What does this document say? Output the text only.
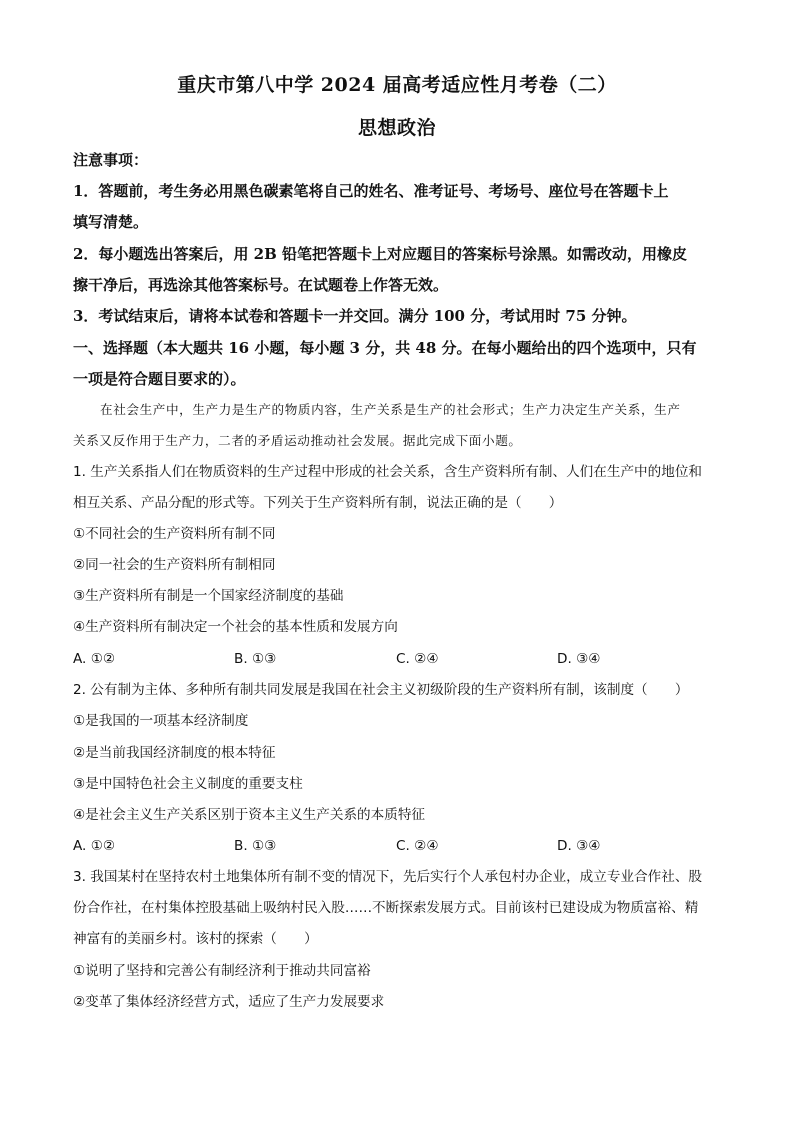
重庆市第八中学 2024 届高考适应性月考卷（二）
思想政治
注意事项：
1．答题前，考生务必用黑色碳素笔将自己的姓名、准考证号、考场号、座位号在答题卡上
填写清楚。
2．每小题选出答案后，用 2B 铅笔把答题卡上对应题目的答案标号涂黑。如需改动，用橡皮
擦干净后，再选涂其他答案标号。在试题卷上作答无效。
3．考试结束后，请将本试卷和答题卡一并交回。满分 100 分，考试用时 75 分钟。
一、选择题（本大题共 16 小题，每小题 3 分，共 48 分。在每小题给出的四个选项中，只有
一项是符合题目要求的）。
在社会生产中，生产力是生产的物质内容，生产关系是生产的社会形式；生产力决定生产关系，生产
关系又反作用于生产力，二者的矛盾运动推动社会发展。据此完成下面小题。
1. 生产关系指人们在物质资料的生产过程中形成的社会关系，含生产资料所有制、人们在生产中的地位和
相互关系、产品分配的形式等。下列关于生产资料所有制，说法正确的是（　　）
①不同社会的生产资料所有制不同
②同一社会的生产资料所有制相同
③生产资料所有制是一个国家经济制度的基础
④生产资料所有制决定一个社会的基本性质和发展方向
A. ①②	B. ①③	C. ②④	D. ③④
2. 公有制为主体、多种所有制共同发展是我国在社会主义初级阶段的生产资料所有制，该制度（　　）
①是我国的一项基本经济制度
②是当前我国经济制度的根本特征
③是中国特色社会主义制度的重要支柱
④是社会主义生产关系区别于资本主义生产关系的本质特征
A. ①②	B. ①③	C. ②④	D. ③④
3. 我国某村在坚持农村土地集体所有制不变的情况下，先后实行个人承包村办企业，成立专业合作社、股
份合作社，在村集体控股基础上吸纳村民入股……不断探索发展方式。目前该村已建设成为物质富裕、精
神富有的美丽乡村。该村的探索（　　）
①说明了坚持和完善公有制经济利于推动共同富裕
②变革了集体经济经营方式，适应了生产力发展要求
